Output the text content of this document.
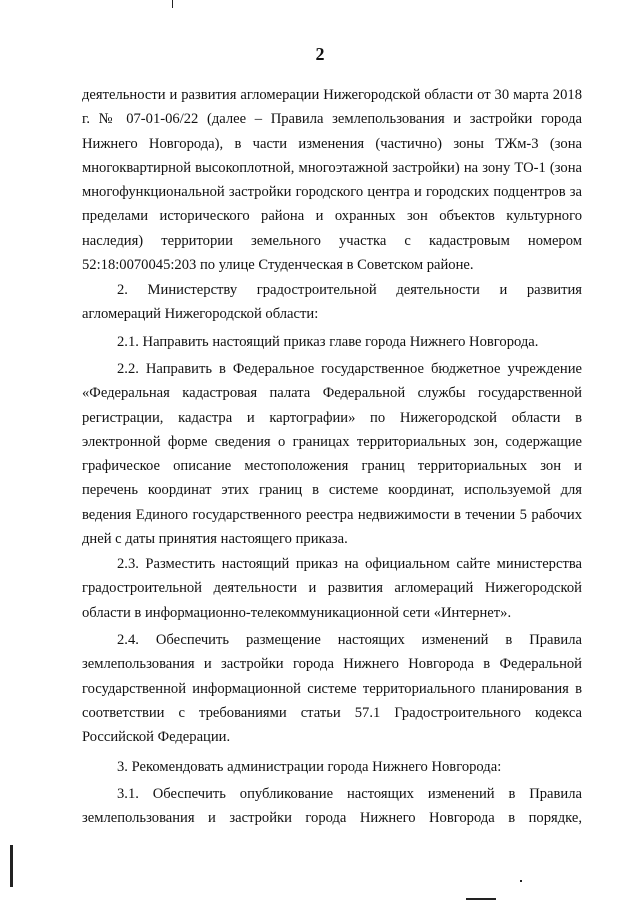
2

деятельности и развития агломерации Нижегородской области от 30 марта 2018 г. № 07-01-06/22 (далее – Правила землепользования и застройки города Нижнего Новгорода), в части изменения (частично) зоны ТЖм-3 (зона многоквартирной высокоплотной, многоэтажной застройки) на зону ТО-1 (зона многофункциональной застройки городского центра и городских подцентров за пределами исторического района и охранных зон объектов культурного наследия) территории земельного участка с кадастровым номером 52:18:0070045:203 по улице Студенческая в Советском районе.

2. Министерству градостроительной деятельности и развития агломераций Нижегородской области:

2.1. Направить настоящий приказ главе города Нижнего Новгорода.

2.2. Направить в Федеральное государственное бюджетное учреждение «Федеральная кадастровая палата Федеральной службы государственной регистрации, кадастра и картографии» по Нижегородской области в электронной форме сведения о границах территориальных зон, содержащие графическое описание местоположения границ территориальных зон и перечень координат этих границ в системе координат, используемой для ведения Единого государственного реестра недвижимости в течении 5 рабочих дней с даты принятия настоящего приказа.

2.3. Разместить настоящий приказ на официальном сайте министерства градостроительной деятельности и развития агломераций Нижегородской области в информационно-телекоммуникационной сети «Интернет».

2.4. Обеспечить размещение настоящих изменений в Правила землепользования и застройки города Нижнего Новгорода в Федеральной государственной информационной системе территориального планирования в соответствии с требованиями статьи 57.1 Градостроительного кодекса Российской Федерации.

3. Рекомендовать администрации города Нижнего Новгорода:

3.1. Обеспечить опубликование настоящих изменений в Правила землепользования и застройки города Нижнего Новгорода в порядке,
